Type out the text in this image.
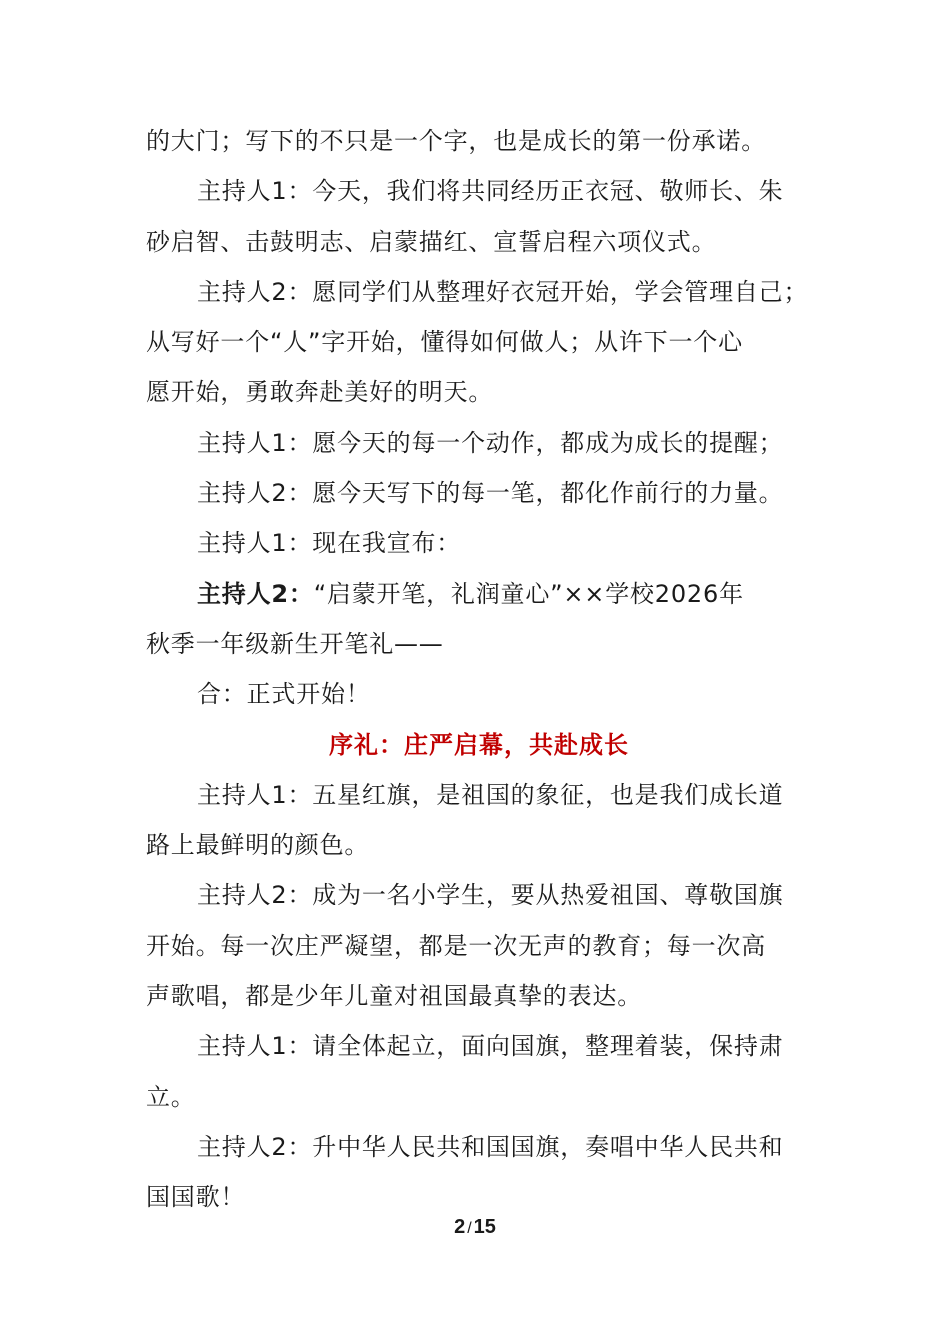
的大门；写下的不只是一个字，也是成长的第一份承诺。
主持人1：今天，我们将共同经历正衣冠、敬师长、朱
砂启智、击鼓明志、启蒙描红、宣誓启程六项仪式。
主持人2：愿同学们从整理好衣冠开始，学会管理自己；
从写好一个“人”字开始，懂得如何做人；从许下一个心
愿开始，勇敢奔赴美好的明天。
主持人1：愿今天的每一个动作，都成为成长的提醒；
主持人2：愿今天写下的每一笔，都化作前行的力量。
主持人1：现在我宣布：
主持人2：“启蒙开笔，礼润童心”××学校2026年
秋季一年级新生开笔礼——
合：正式开始！
序礼：庄严启幕，共赴成长
主持人1：五星红旗，是祖国的象征，也是我们成长道
路上最鲜明的颜色。
主持人2：成为一名小学生，要从热爱祖国、尊敬国旗
开始。每一次庄严凝望，都是一次无声的教育；每一次高
声歌唱，都是少年儿童对祖国最真挚的表达。
主持人1：请全体起立，面向国旗，整理着装，保持肃
立。
主持人2：升中华人民共和国国旗，奏唱中华人民共和
国国歌！
2 / 15
